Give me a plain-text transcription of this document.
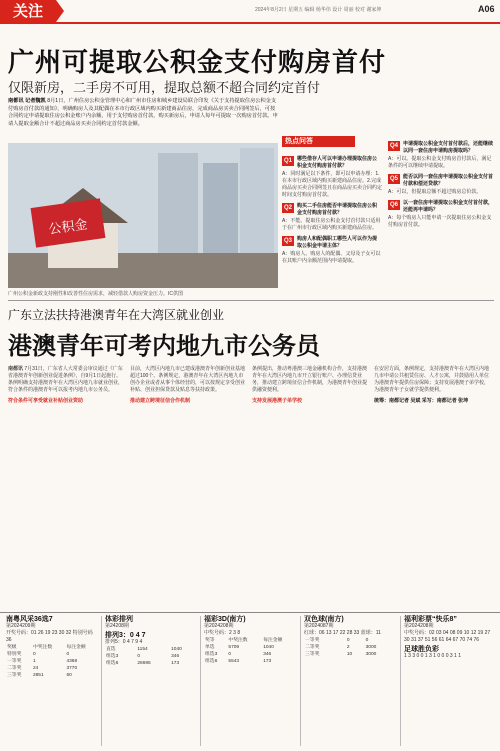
关注	2024年8月2日 星期五 编辑 杨华伟 设计 周丽 校对 谢家坤	A06
广州可提取公积金支付购房首付
仅限新房，二手房不可用，提取总额不超合同约定首付
南都讯 记者魏凯 8月1日，广州住房公积金管理中心和广州市住房和城乡建设局联合印发《关于支持提取住房公积金支付购房首付款的通知》，明确购房人及其配偶在本市行政区域内购买新建商品住房，完成商品房买卖合同网签后，可按合同约定申请提取住房公积金账户内余额，用于支付购房首付款，购买新房后，申请人每年可提取一次购房首付款。申请人提取金额合计不超过商品房买卖合同约定首付款金额。
公积金
广州公积金新政支持刚性和改善性住房需求，减轻借款人购房资金压力。IC供图
热点问答
Q1	哪些借存人可以申请办理提取住房公积金支付购房首付款？
A：同时满足以下条件，即可以申请办理：1.在本市行政区域内购买新建商品住房。2.完成商品房买卖合同网签且在商品房买卖合同约定时间支付购房首付款。
Q2	购买二手住房能否申请提取住房公积金支付购房首付款？
A：不能。提取住房公积金支付首付款只适用于在广州市行政区域内购买新建商品住房。
Q3	购房人和配偶职工哪些人可以作为提取公积金申请主体？
A：购房人、购房人的配偶、父母及子女可以在其账户内余额范围内申请提取。
Q4	申请提取公积金支付首付款后，还能继续以同一套住房申请购房提取吗？
A：可以。提取公积金支付购房首付款后，满足条件的可以继续申请提取。
Q5	能否以同一套住房申请提取公积金支付首付款和偿还贷款？
A：可以，但提取总额不超过购房总价款。
Q6	以一套住房申请提取公积金支付首付款，还能再申请吗？
A：每个购房人只能申请一次提取住房公积金支付购房首付款。
广东立法扶持港澳青年在大湾区就业创业
港澳青年可考内地九市公务员
南都讯 7月31日，广东省人大常委会审议通过《广东省港澳青年创新创业促进条例》，自9月1日起施行。条例明确支持港澳青年在大湾区内地九市就业创业，符合条件的港澳青年可以报考内地九市公务员。
符合条件可享受就业补贴创业资助
目前，大湾区内地九市已建成港澳青年创新创业基地超过100个。条例规定，港澳青年在大湾区内地九市创办企业或者从事个体经营的，可以按规定享受创业补贴、创业担保贷款及贴息等扶持政策。
推动建立跨境征信合作机制
条例提出，推动粤港澳三地金融机构合作，支持港澳青年在大湾区内地九市开立银行账户、办理信贷业务，推动建立跨境征信合作机制，为港澳青年创业提供融资便利。
支持发展港澳子弟学校
在安居方面，条例规定，支持港澳青年在大湾区内地九市申请公共租赁住房、人才公寓，并鼓励用人单位为港澳青年提供住房保障；支持发展港澳子弟学校，为港澳青年子女就学提供便利。
统筹：南都记者 吴斌 采写：南都记者 张坤
南粤风采36选7
第2024209期
开奖号码：01 26 19 23 30 32 特别号码 36
奖级	中奖注数	每注金额
特别奖	0	0
一等奖	1	4368
二等奖	24	3770
三等奖	2851	60
体彩排列
第24208期
排列3：0 4 7
排列5：0 4 7 9 4
直选	1154	1040
组选3	0	346
组选6	28695	173
福彩3D(南方)
第2024208期
中奖号码：2 3 8
奖等	中奖注数	每注金额
单选	5709	1040
组选3	0	346
组选6	5543	173
双色球(南方)
第2024087期
红球：06 13 17 22 28 33 蓝球：11
一等奖	0	0
二等奖	2	3000
三等奖	10	3000
福利彩票“快乐8”
第2024208期
中奖号码：02 03 04 08 09 10 12 19 27 30 31 37 51 56 61 64 67 70 74 76
足球胜负彩
1 3 3 0 0 1 3 1 0 0 0 3 1 1
